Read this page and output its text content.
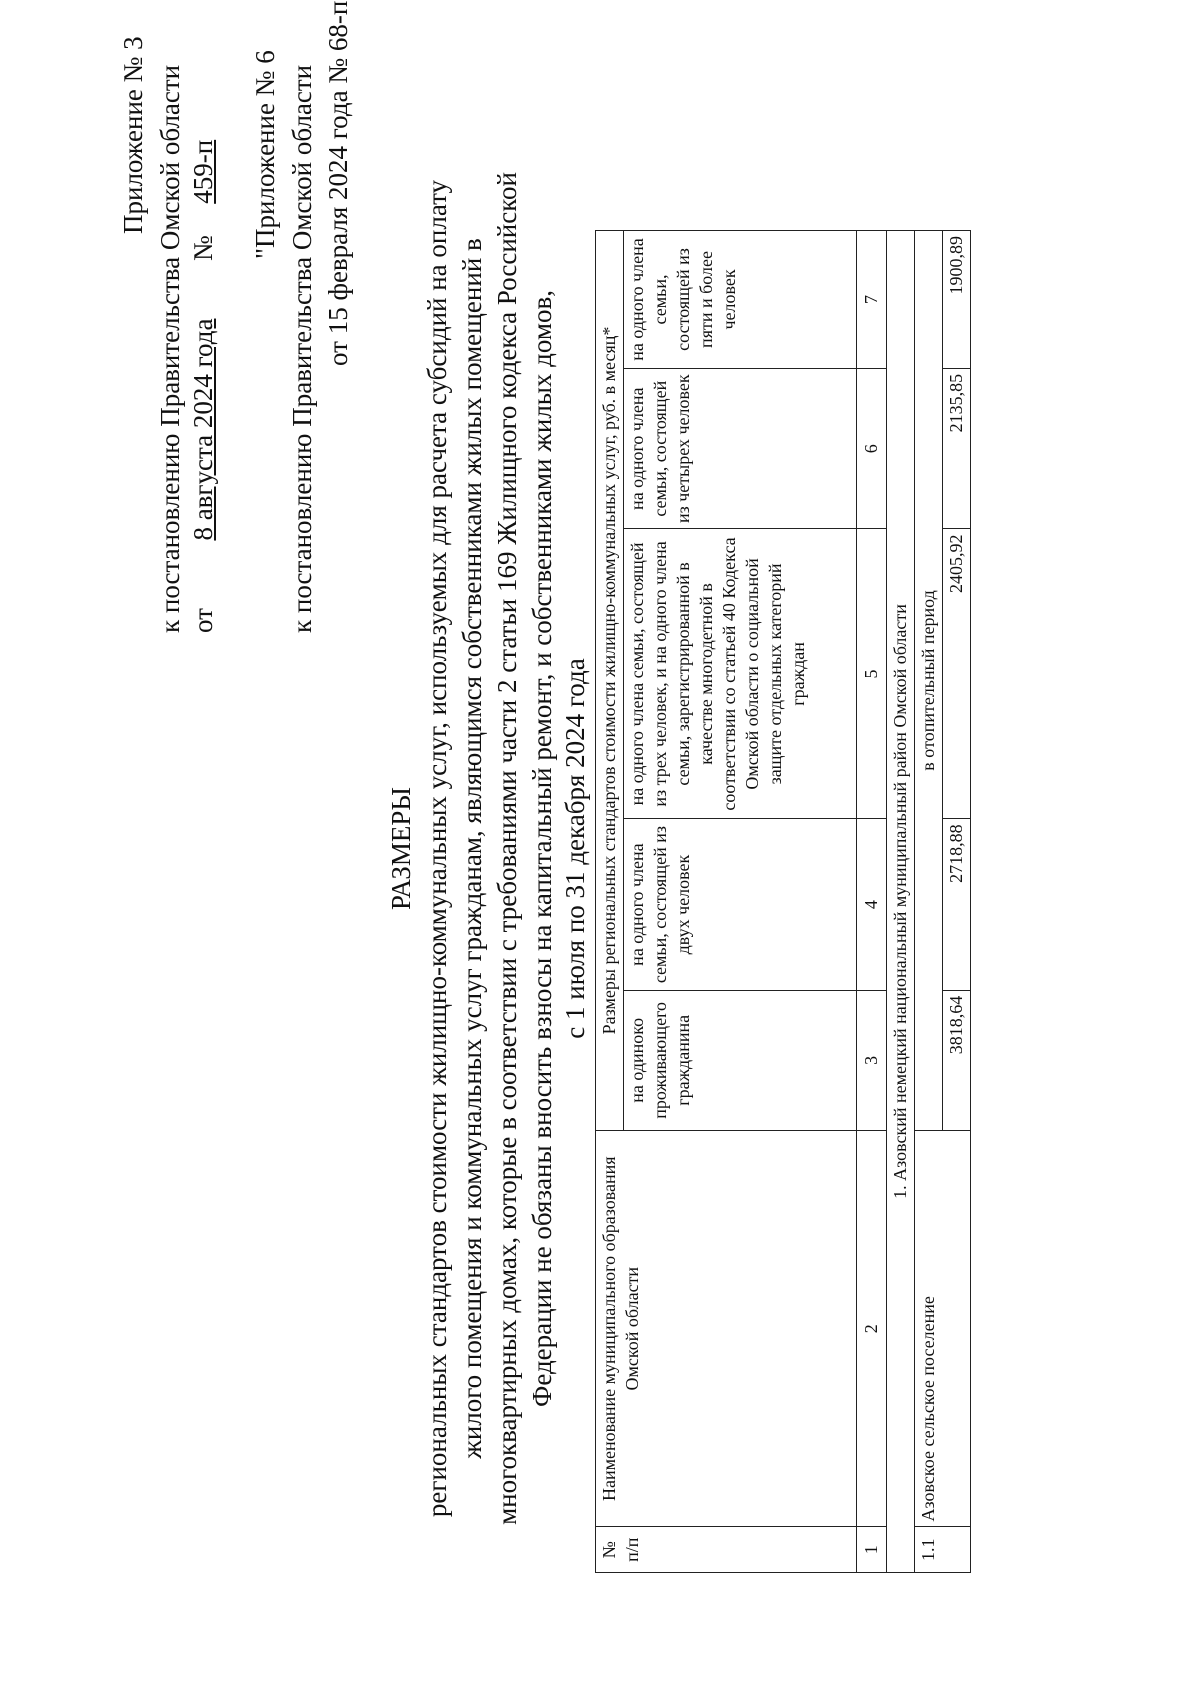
Приложение № 3 к постановлению Правительства Омской области от  8 августа 2024 года  №  459-п "Приложение № 6 к постановлению Правительства Омской области от 15 февраля 2024 года № 68-п
РАЗМЕРЫ региональных стандартов стоимости жилищно-коммунальных услуг, используемых для расчета субсидий на оплату жилого помещения и коммунальных услуг гражданам, являющимся собственниками жилых помещений в многоквартирных домах, которые в соответствии с требованиями части 2 статьи 169 Жилищного кодекса Российской Федерации не обязаны вносить взносы на капитальный ремонт, и собственниками жилых домов, с 1 июля по 31 декабря 2024 года
№ п/п	Наименование муниципального образования Омской области	Размеры региональных стандартов стоимости жилищно-коммунальных услуг, руб. в месяц*				
		на одиноко проживающего гражданина	на одного члена семьи, состоящей из двух человек	на одного члена семьи, состоящей из трех человек, и на одного члена семьи, зарегистрированной в качестве многодетной в соответствии со статьей 40 Кодекса Омской области о социальной защите отдельных категорий граждан	на одного члена семьи, состоящей из четырех человек	на одного члена семьи, состоящей из пяти и более человек
1	2	3	4	5	6	7
1. Азовский немецкий национальный муниципальный район Омской области						
1.1	Азовское сельское поселение	в отопительный период				
		3818,64	2718,88	2405,92	2135,85	1900,89
